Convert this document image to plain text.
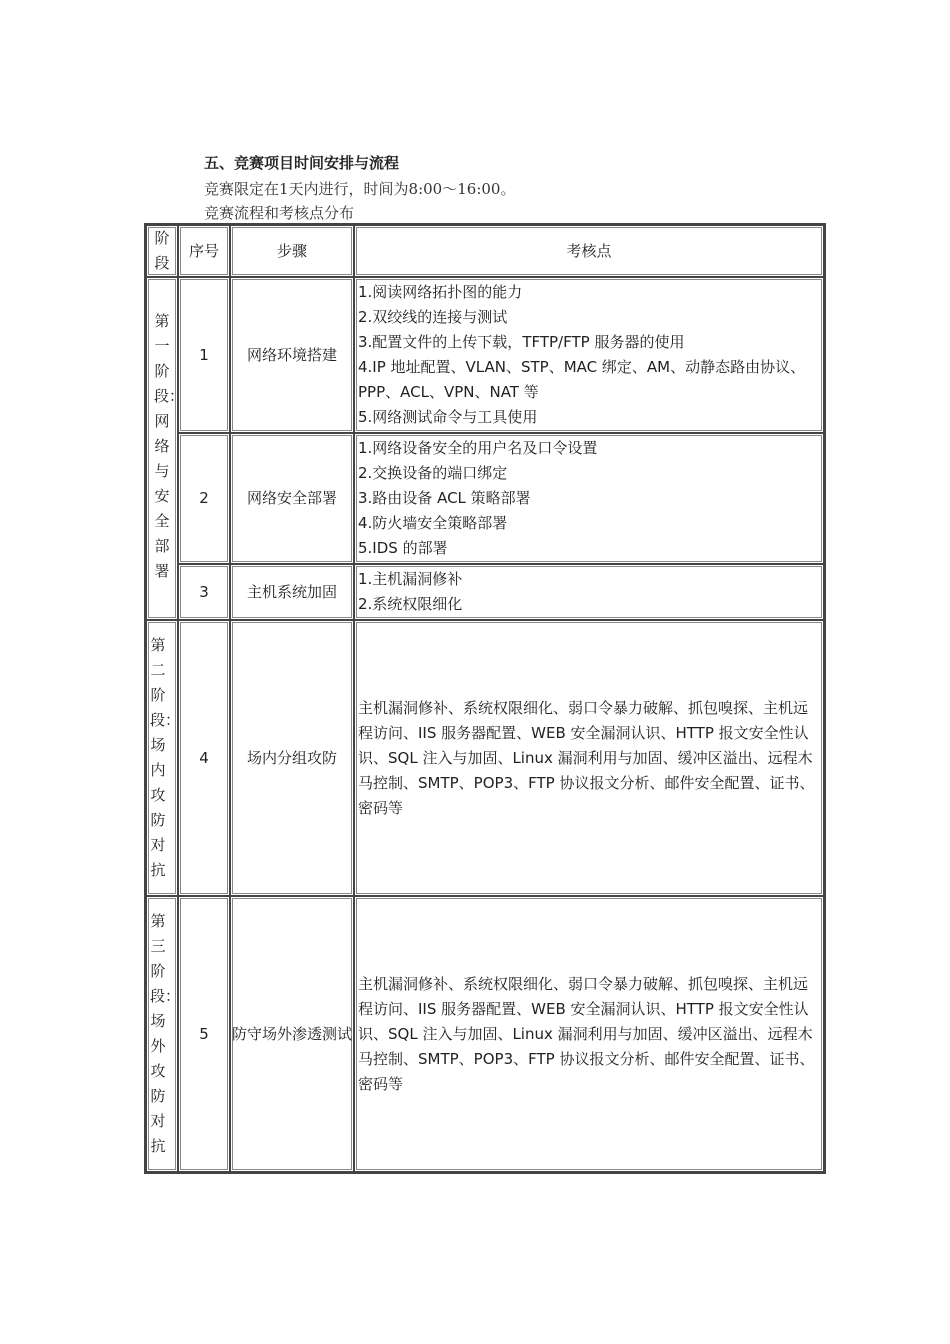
五、竞赛项目时间安排与流程
竞赛限定在1天内进行，时间为8:00～16:00。
竞赛流程和考核点分布
阶段	序号	步骤	考核点

第一阶段：网络与安全部署	1	网络环境搭建	1.阅读网络拓扑图的能力
2.双绞线的连接与测试
3.配置文件的上传下载，TFTP/FTP 服务器的使用
4.IP 地址配置、VLAN、STP、MAC 绑定、AM、动静态路由协议、PPP、ACL、VPN、NAT 等
5.网络测试命令与工具使用

	2	网络安全部署	1.网络设备安全的用户名及口令设置
2.交换设备的端口绑定
3.路由设备 ACL 策略部署
4.防火墙安全策略部署
5.IDS 的部署

	3	主机系统加固	1.主机漏洞修补
2.系统权限细化

第二阶段：场内攻防对抗	4	场内分组攻防	主机漏洞修补、系统权限细化、弱口令暴力破解、抓包嗅探、主机远程访问、IIS 服务器配置、WEB 安全漏洞认识、HTTP 报文安全性认识、SQL 注入与加固、Linux 漏洞利用与加固、缓冲区溢出、远程木马控制、SMTP、POP3、FTP 协议报文分析、邮件安全配置、证书、密码等

第三阶段：场外攻防对抗	5	防守场外渗透测试	主机漏洞修补、系统权限细化、弱口令暴力破解、抓包嗅探、主机远程访问、IIS 服务器配置、WEB 安全漏洞认识、HTTP 报文安全性认识、SQL 注入与加固、Linux 漏洞利用与加固、缓冲区溢出、远程木马控制、SMTP、POP3、FTP 协议报文分析、邮件安全配置、证书、密码等
